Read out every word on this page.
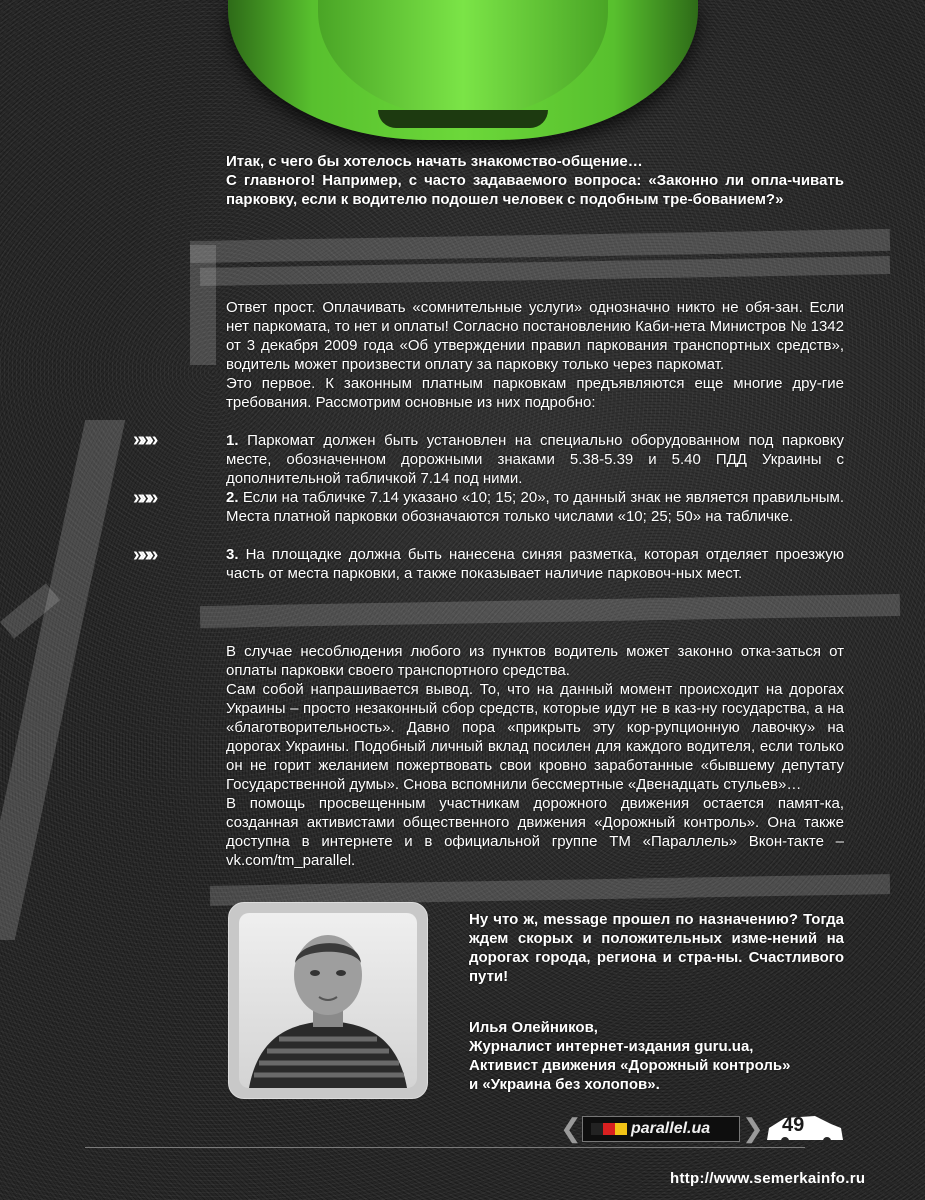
Итак, с чего бы хотелось начать знакомство-общение…

С главного! Например, с часто задаваемого вопроса: «Законно ли опла-чивать парковку, если к водителю подошел человек с подобным тре-бованием?»

Ответ прост. Оплачивать «сомнительные услуги» однозначно никто не обя-зан. Если нет паркомата, то нет и оплаты! Согласно постановлению Каби-нета Министров № 1342 от 3 декабря 2009 года «Об утверждении правил паркования транспортных средств», водитель может произвести оплату за парковку только через паркомат.

Это первое. К законным платным парковкам предъявляются еще многие дру-гие требования. Рассмотрим основные из них подробно:

»»»	1. Паркомат должен быть установлен на специально оборудованном под парковку месте, обозначенном дорожными знаками 5.38-5.39 и 5.40 ПДД Украины с дополнительной табличкой 7.14 под ними.

»»»	2. Если на табличке 7.14 указано «10; 15; 20», то данный знак не является правильным. Места платной парковки обозначаются только числами «10; 25; 50» на табличке.

»»»	3. На площадке должна быть нанесена синяя разметка, которая отделяет проезжую часть от места парковки, а также показывает наличие парковоч-ных мест.

В случае несоблюдения любого из пунктов водитель может законно отка-заться от оплаты парковки своего транспортного средства.

Сам собой напрашивается вывод. То, что на данный момент происходит на дорогах Украины – просто незаконный сбор средств, которые идут не в каз-ну государства, а на «благотворительность». Давно пора «прикрыть эту кор-рупционную лавочку» на дорогах Украины. Подобный личный вклад посилен для каждого водителя, если только он не горит желанием пожертвовать свои кровно заработанные «бывшему депутату Государственной думы». Снова вспомнили бессмертные «Двенадцать стульев»…

В помощь просвещенным участникам дорожного движения остается памят-ка, созданная активистами общественного движения «Дорожный контроль». Она также доступна в интернете и в официальной группе ТМ «Параллель» Вкон-такте – vk.com/tm_parallel.

Ну что ж, message прошел по назначению? Тогда ждем скорых и положительных изме-нений на дорогах города, региона и стра-ны. Счастливого пути!

Илья Олейников,

Журналист интернет-издания guru.ua,

Активист движения «Дорожный контроль»

и «Украина без холопов».

❮	parallel.ua ❯ 49
http://www.semerkainfo.ru
